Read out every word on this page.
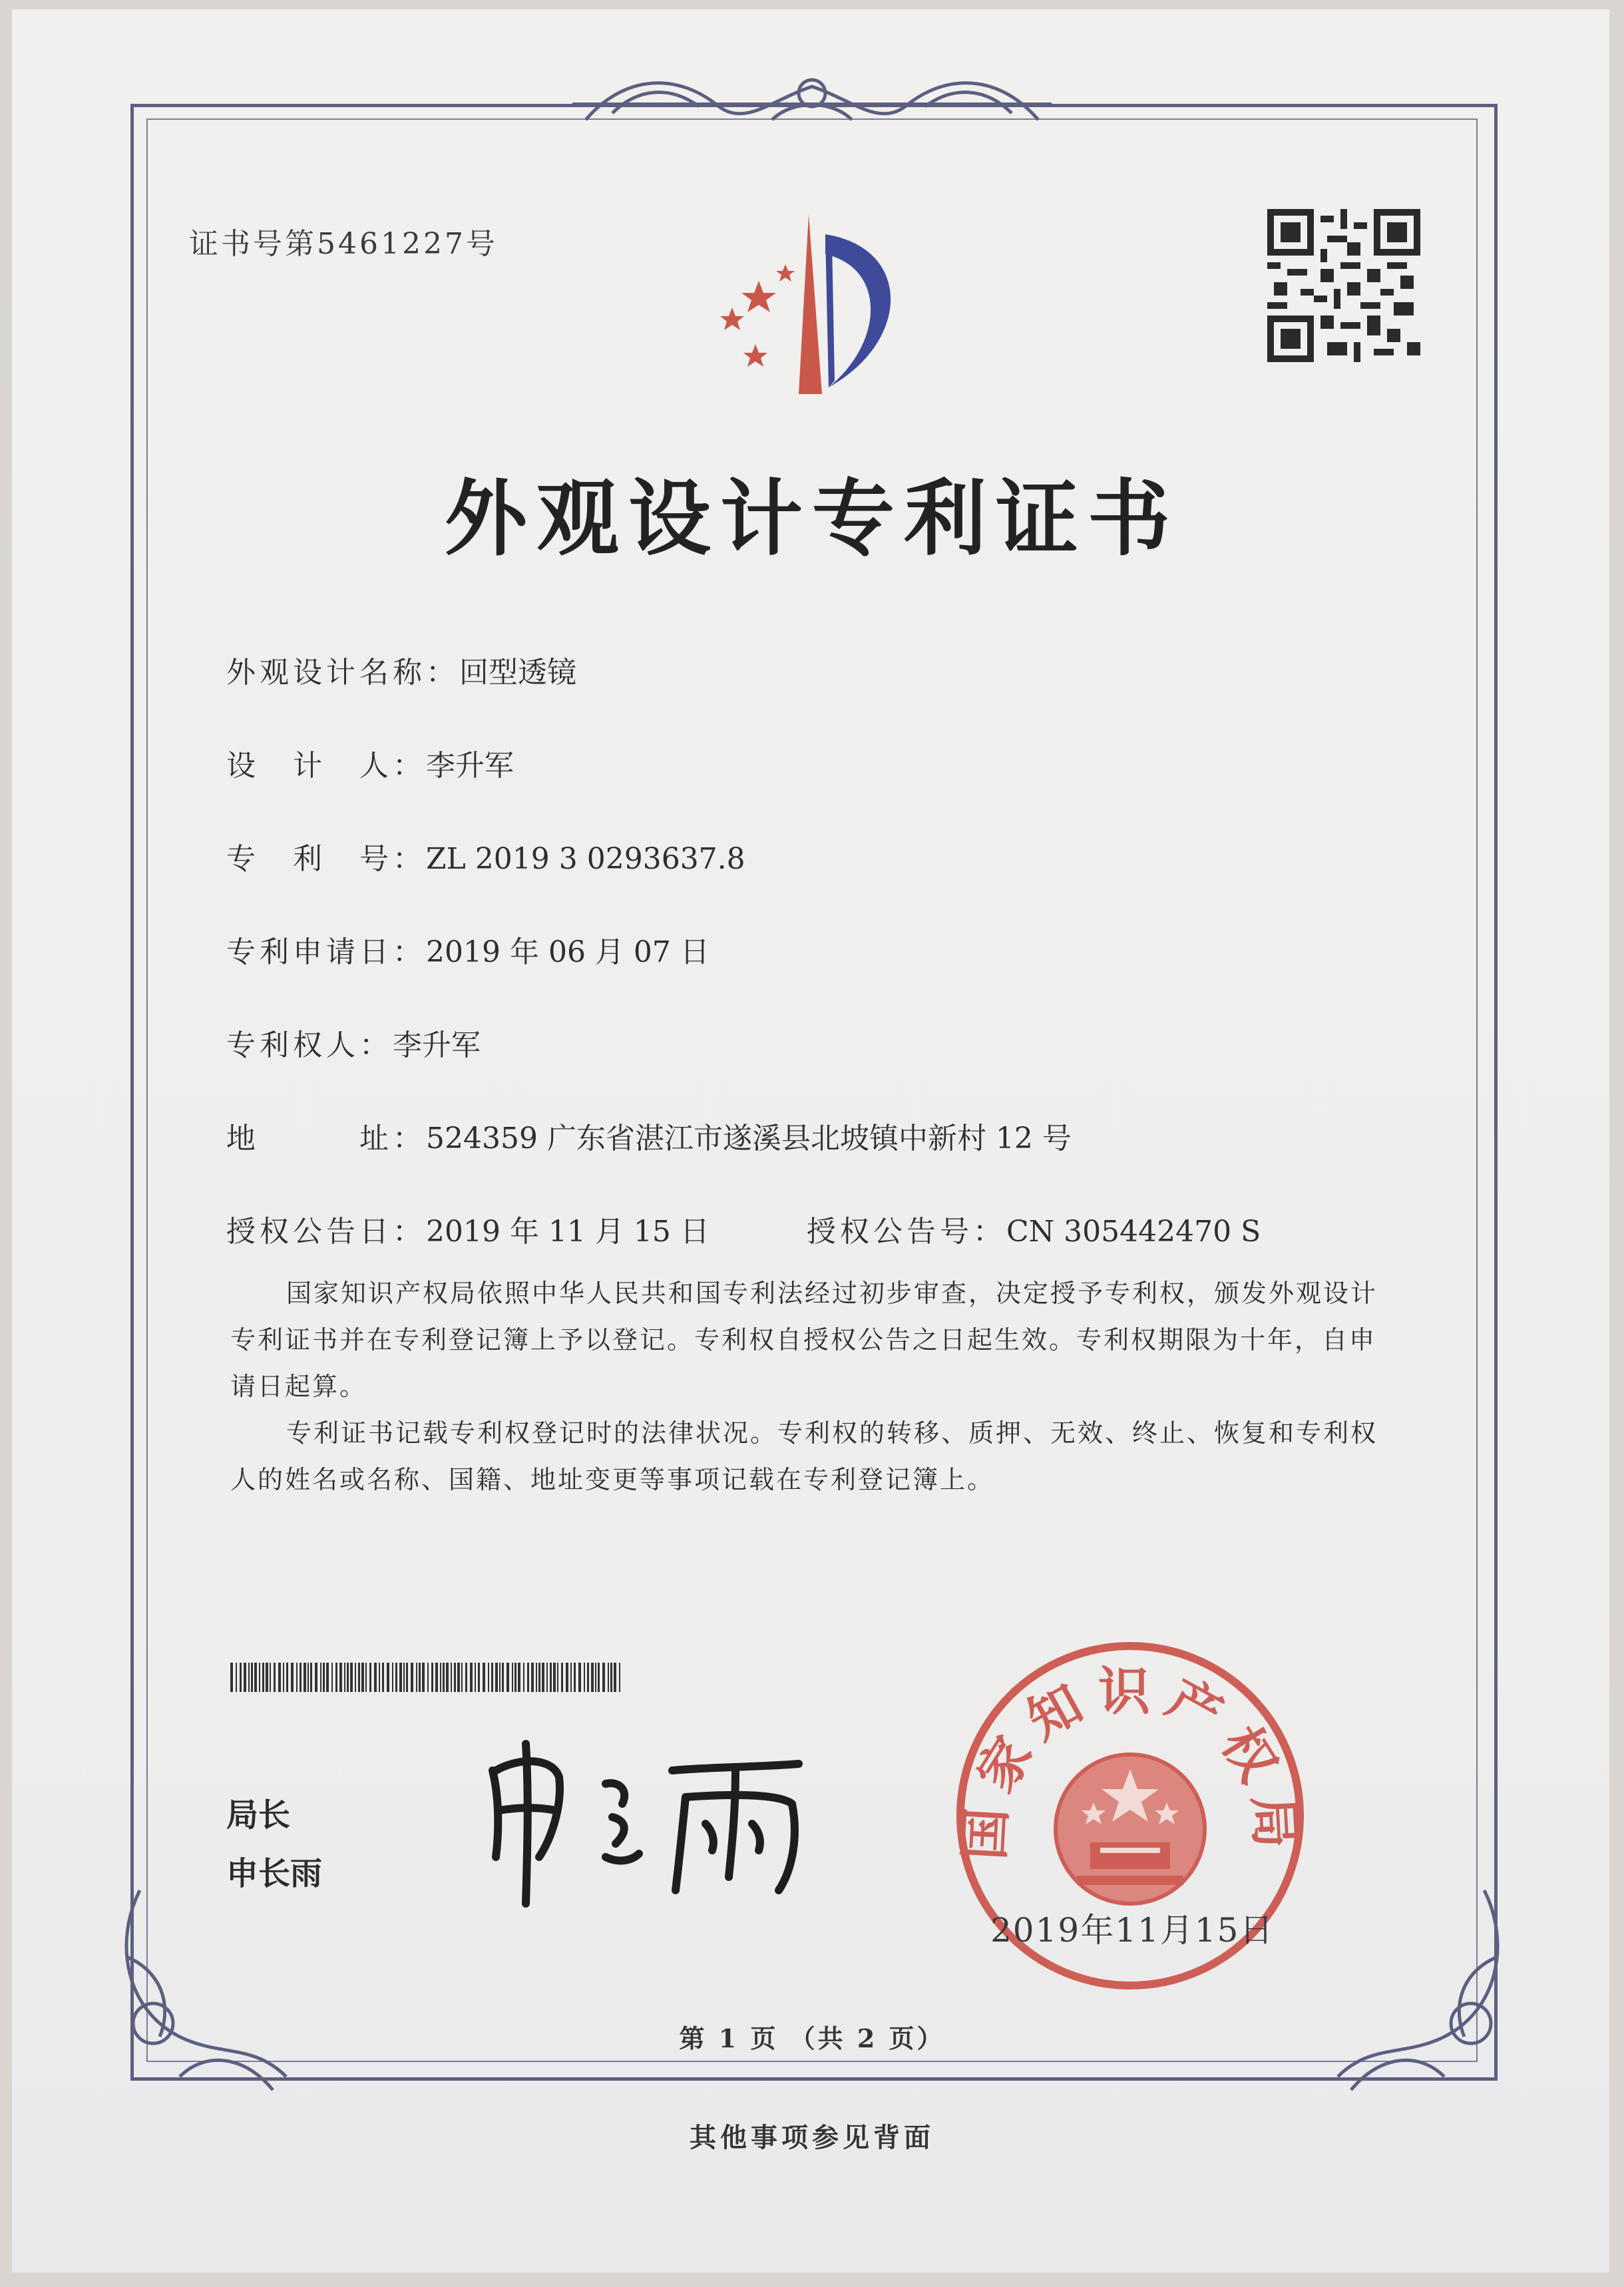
证书号第5461227号
外观设计专利证书
外观设计名称：回型透镜
设　计　人：李升军
专　利　号：ZL 2019 3 0293637.8
专利申请日：2019 年 06 月 07 日
专利权人：李升军
地　　　址：524359 广东省湛江市遂溪县北坡镇中新村 12 号
授权公告日：2019 年 11 月 15 日	授权公告号：CN 305442470 S
国家知识产权局依照中华人民共和国专利法经过初步审查，决定授予专利权，颁发外观设计专利证书并在专利登记簿上予以登记。专利权自授权公告之日起生效。专利权期限为十年，自申请日起算。
专利证书记载专利权登记时的法律状况。专利权的转移、质押、无效、终止、恢复和专利权人的姓名或名称、国籍、地址变更等事项记载在专利登记簿上。
局长
申长雨
国家知识产权局
2019年11月15日
第 1 页 （共 2 页）
其他事项参见背面
